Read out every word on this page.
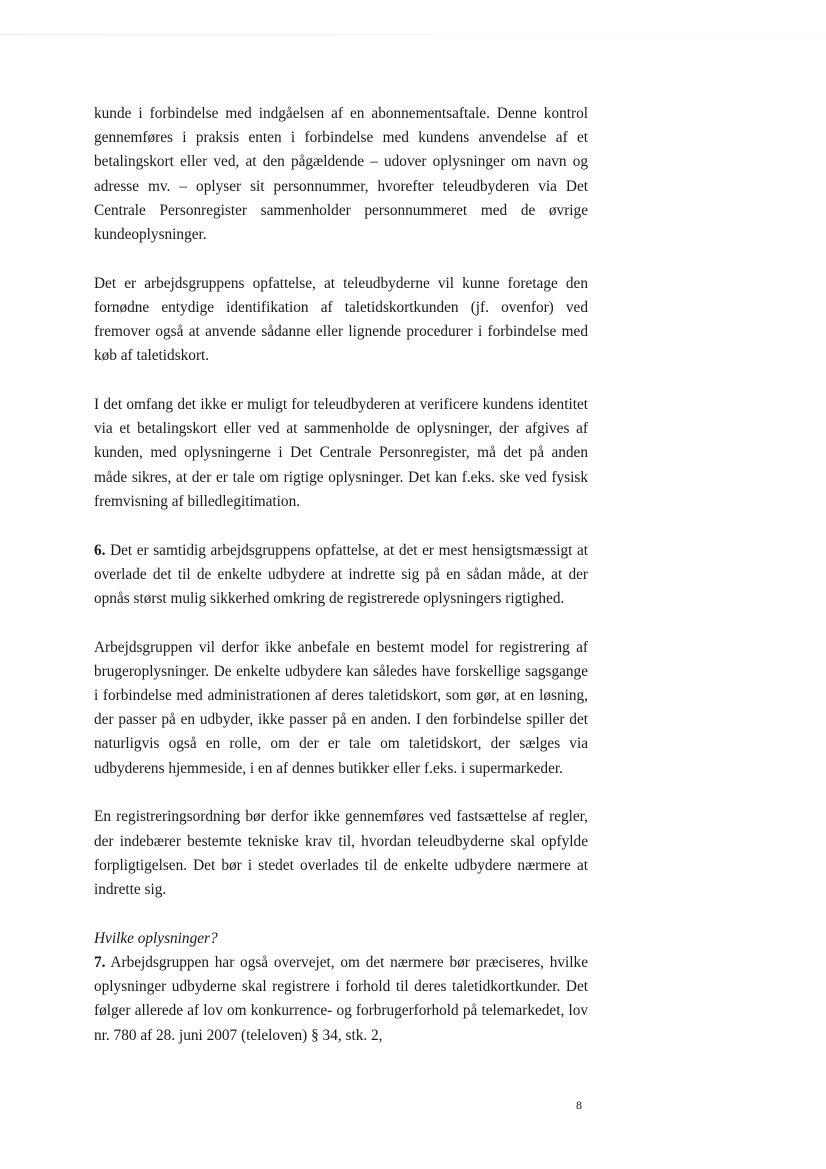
kunde i forbindelse med indgåelsen af en abonnementsaftale. Denne kontrol gennemføres i praksis enten i forbindelse med kundens anvendelse af et betalingskort eller ved, at den pågældende – udover oplysninger om navn og adresse mv. – oplyser sit personnummer, hvorefter teleudbyderen via Det Centrale Personregister sammenholder personnummeret med de øvrige kundeoplysninger.

Det er arbejdsgruppens opfattelse, at teleudbyderne vil kunne foretage den fornødne entydige identifikation af taletidskortkunden (jf. ovenfor) ved fremover også at anvende sådanne eller lignende procedurer i forbindelse med køb af taletidskort.

I det omfang det ikke er muligt for teleudbyderen at verificere kundens identitet via et betalingskort eller ved at sammenholde de oplysninger, der afgives af kunden, med oplysningerne i Det Centrale Personregister, må det på anden måde sikres, at der er tale om rigtige oplysninger. Det kan f.eks. ske ved fysisk fremvisning af billedlegitimation.

6. Det er samtidig arbejdsgruppens opfattelse, at det er mest hensigtsmæssigt at overlade det til de enkelte udbydere at indrette sig på en sådan måde, at der opnås størst mulig sikkerhed omkring de registrerede oplysningers rigtighed.

Arbejdsgruppen vil derfor ikke anbefale en bestemt model for registrering af brugeroplysninger. De enkelte udbydere kan således have forskellige sagsgange i forbindelse med administrationen af deres taletidskort, som gør, at en løsning, der passer på en udbyder, ikke passer på en anden. I den forbindelse spiller det naturligvis også en rolle, om der er tale om taletidskort, der sælges via udbyderens hjemmeside, i en af dennes butikker eller f.eks. i supermarkeder.

En registreringsordning bør derfor ikke gennemføres ved fastsættelse af regler, der indebærer bestemte tekniske krav til, hvordan teleudbyderne skal opfylde forpligtigelsen. Det bør i stedet overlades til de enkelte udbydere nærmere at indrette sig.

Hvilke oplysninger?

7. Arbejdsgruppen har også overvejet, om det nærmere bør præciseres, hvilke oplysninger udbyderne skal registrere i forhold til deres taletidkortkunder. Det følger allerede af lov om konkurrence- og forbrugerforhold på telemarkedet, lov nr. 780 af 28. juni 2007 (teleloven) § 34, stk. 2,

8
